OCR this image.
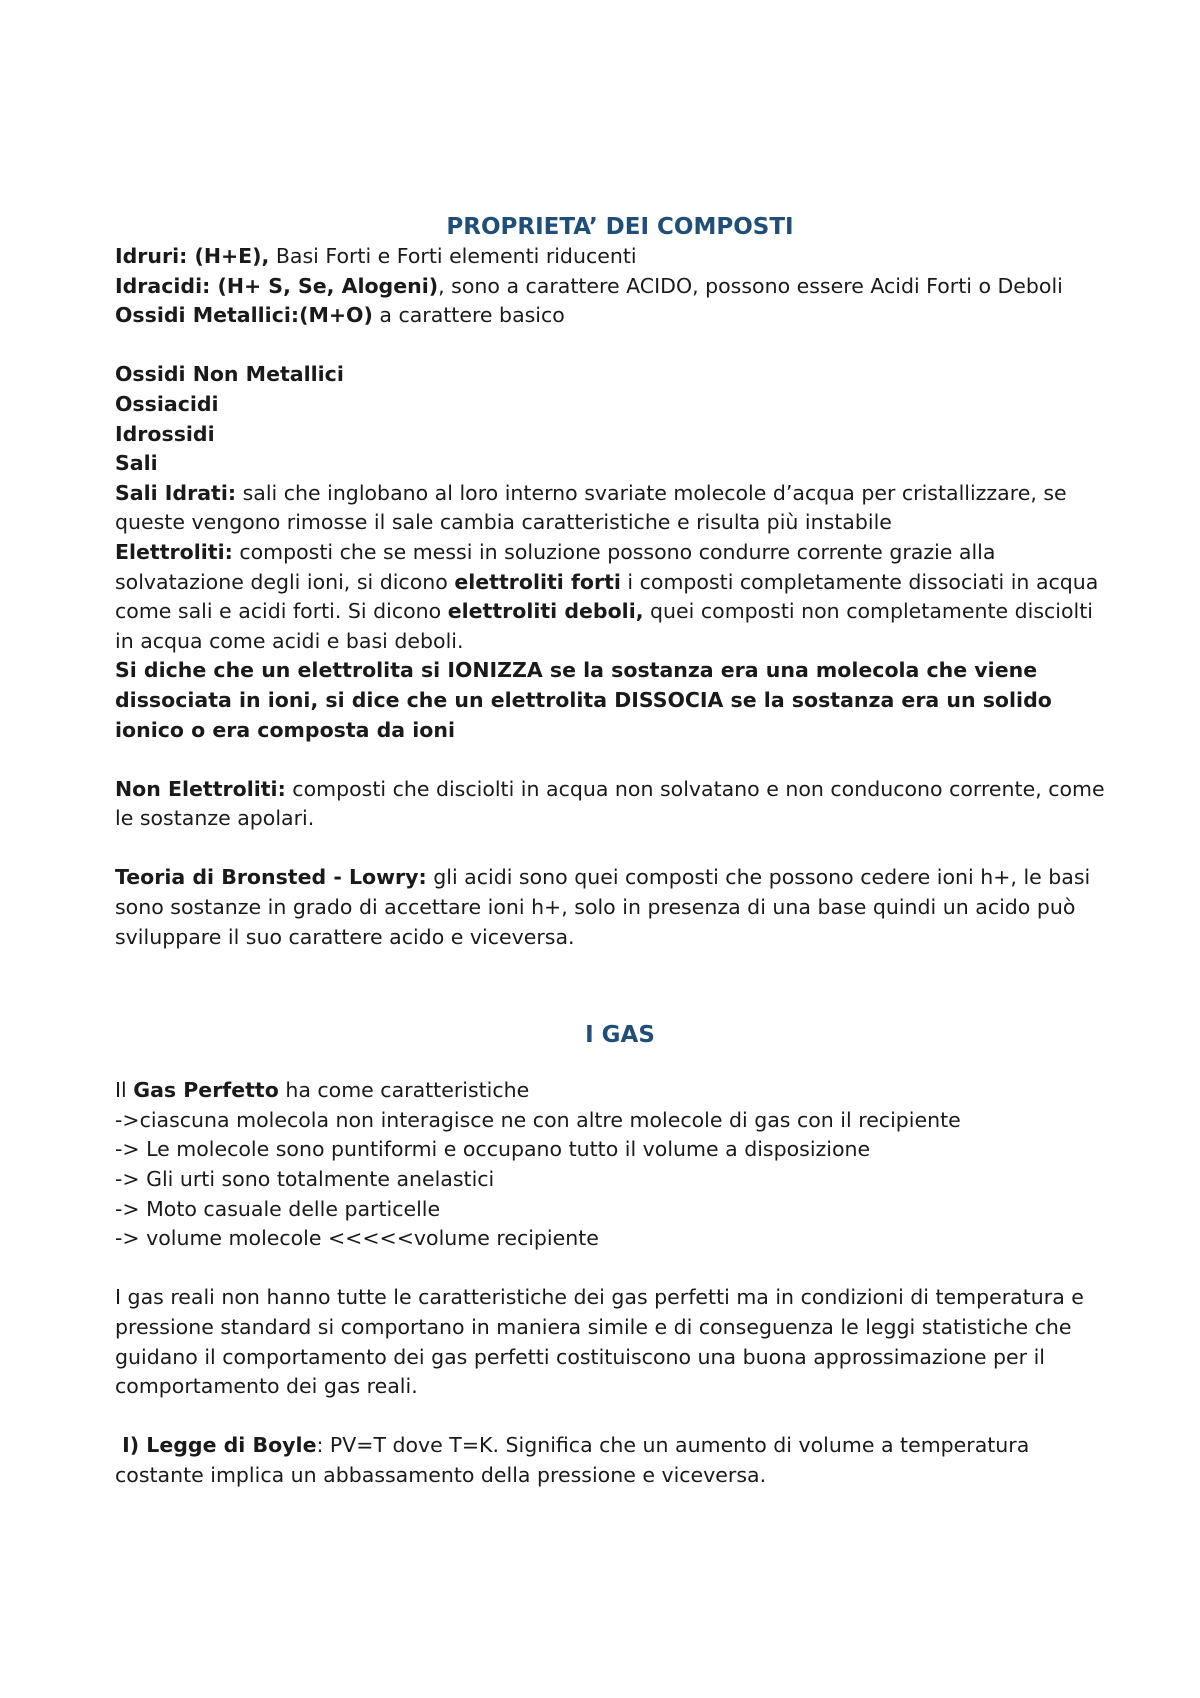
PROPRIETA’ DEI COMPOSTI

Idruri: (H+E), Basi Forti e Forti elementi riducenti

Idracidi: (H+ S, Se, Alogeni), sono a carattere ACIDO, possono essere Acidi Forti o Deboli

Ossidi Metallici:(M+O) a carattere basico

Ossidi Non Metallici

Ossiacidi

Idrossidi

Sali

Sali Idrati: sali che inglobano al loro interno svariate molecole d’acqua per cristallizzare, se queste vengono rimosse il sale cambia caratteristiche e risulta più instabile

Elettroliti: composti che se messi in soluzione possono condurre corrente grazie alla solvatazione degli ioni, si dicono elettroliti forti i composti completamente dissociati in acqua come sali e acidi forti. Si dicono elettroliti deboli, quei composti non completamente disciolti in acqua come acidi e basi deboli.

Si diche che un elettrolita si IONIZZA se la sostanza era una molecola che viene dissociata in ioni, si dice che un elettrolita DISSOCIA se la sostanza era un solido ionico o era composta da ioni

Non Elettroliti: composti che disciolti in acqua non solvatano e non conducono corrente, come le sostanze apolari.

Teoria di Bronsted - Lowry: gli acidi sono quei composti che possono cedere ioni h+, le basi sono sostanze in grado di accettare ioni h+, solo in presenza di una base quindi un acido può sviluppare il suo carattere acido e viceversa.

I GAS

Il Gas Perfetto ha come caratteristiche

->ciascuna molecola non interagisce ne con altre molecole di gas con il recipiente

-> Le molecole sono puntiformi e occupano tutto il volume a disposizione

-> Gli urti sono totalmente anelastici

-> Moto casuale delle particelle

-> volume molecole <<<<<volume recipiente

I gas reali non hanno tutte le caratteristiche dei gas perfetti ma in condizioni di temperatura e pressione standard si comportano in maniera simile e di conseguenza le leggi statistiche che guidano il comportamento dei gas perfetti costituiscono una buona approssimazione per il comportamento dei gas reali.

I) Legge di Boyle: PV=T dove T=K. Significa che un aumento di volume a temperatura costante implica un abbassamento della pressione e viceversa.
